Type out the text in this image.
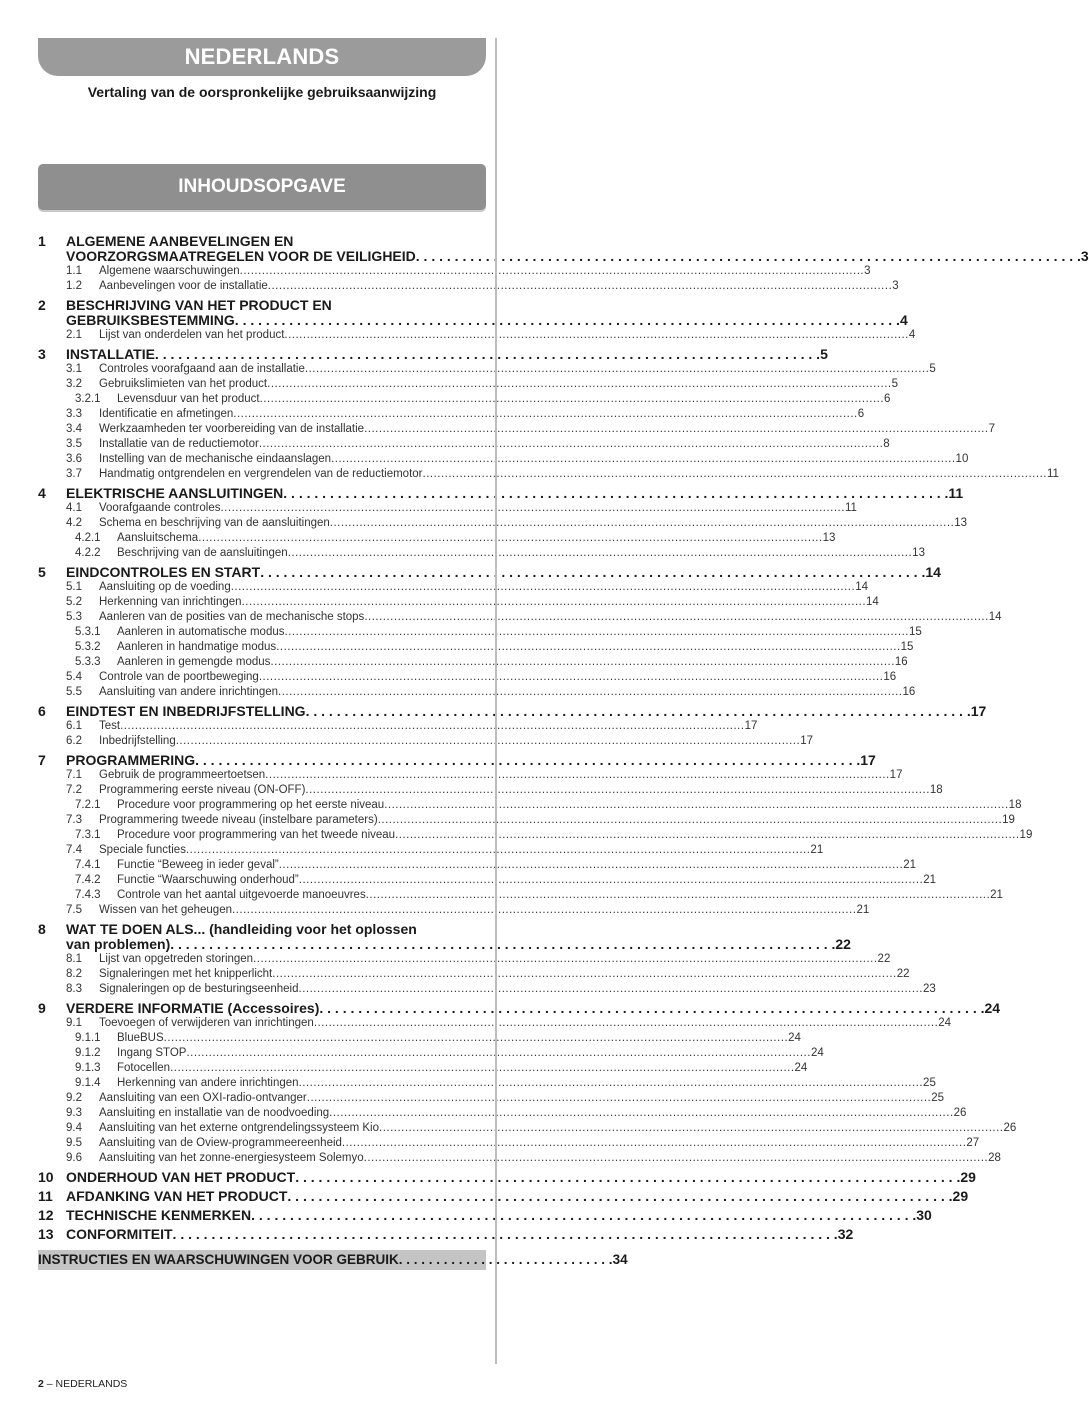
NEDERLANDS
Vertaling van de oorspronkelijke gebruiksaanwijzing
INHOUDSOPGAVE
1	ALGEMENE AANBEVELINGEN EN
VOORZORGSMAATREGELEN VOOR DE VEILIGHEID . . .	3
1.1	Algemene waarschuwingen .....	3
1.2	Aanbevelingen voor de installatie .....	3
2	BESCHRIJVING VAN HET PRODUCT EN
GEBRUIKSBESTEMMING . . .	4
2.1	Lijst van onderdelen van het product .....	4
3	INSTALLATIE . . .	5
3.1	Controles voorafgaand aan de installatie .....	5
3.2	Gebruikslimieten van het product .....	5
3.2.1	Levensduur van het product .....	6
3.3	Identificatie en afmetingen .....	6
3.4	Werkzaamheden ter voorbereiding van de installatie .....	7
3.5	Installatie van de reductiemotor .....	8
3.6	Instelling van de mechanische eindaanslagen .....	10
3.7	Handmatig ontgrendelen en vergrendelen van de reductiemotor .....	11
4	ELEKTRISCHE AANSLUITINGEN . . .	11
4.1	Voorafgaande controles .....	11
4.2	Schema en beschrijving van de aansluitingen .....	13
4.2.1	Aansluitschema .....	13
4.2.2	Beschrijving van de aansluitingen .....	13
5	EINDCONTROLES EN START . . .	14
5.1	Aansluiting op de voeding .....	14
5.2	Herkenning van inrichtingen .....	14
5.3	Aanleren van de posities van de mechanische stops .....	14
5.3.1	Aanleren in automatische modus .....	15
5.3.2	Aanleren in handmatige modus .....	15
5.3.3	Aanleren in gemengde modus .....	16
5.4	Controle van de poortbeweging .....	16
5.5	Aansluiting van andere inrichtingen .....	16
6	EINDTEST EN INBEDRIJFSTELLING . . .	17
6.1	Test .....	17
6.2	Inbedrijfstelling .....	17
7	PROGRAMMERING . . .	17
7.1	Gebruik de programmeertoetsen .....	17
7.2	Programmering eerste niveau (ON-OFF) .....	18
7.2.1	Procedure voor programmering op het eerste niveau .....	18
7.3	Programmering tweede niveau (instelbare parameters) .....	19
7.3.1	Procedure voor programmering van het tweede niveau .....	19
7.4	Speciale functies .....	21
7.4.1	Functie “Beweeg in ieder geval” .....	21
7.4.2	Functie “Waarschuwing onderhoud” .....	21
7.4.3	Controle van het aantal uitgevoerde manoeuvres .....	21
7.5	Wissen van het geheugen .....	21
8	WAT TE DOEN ALS... (handleiding voor het oplossen
van problemen) . . .	22
8.1	Lijst van opgetreden storingen .....	22
8.2	Signaleringen met het knipperlicht .....	22
8.3	Signaleringen op de besturingseenheid .....	23
9	VERDERE INFORMATIE (Accessoires) . . .	24
9.1	Toevoegen of verwijderen van inrichtingen .....	24
9.1.1	BlueBUS .....	24
9.1.2	Ingang STOP .....	24
9.1.3	Fotocellen .....	24
9.1.4	Herkenning van andere inrichtingen .....	25
9.2	Aansluiting van een OXI-radio-ontvanger .....	25
9.3	Aansluiting en installatie van de noodvoeding .....	26
9.4	Aansluiting van het externe ontgrendelingssysteem Kio .....	26
9.5	Aansluiting van de Oview-programmeereenheid .....	27
9.6	Aansluiting van het zonne-energiesysteem Solemyo .....	28
10 ONDERHOUD VAN HET PRODUCT . . .	29
11 AFDANKING VAN HET PRODUCT . . .	29
12 TECHNISCHE KENMERKEN . . .	30
13 CONFORMITEIT . . .	32
INSTRUCTIES EN WAARSCHUWINGEN VOOR GEBRUIK . . .	34
2 – NEDERLANDS
